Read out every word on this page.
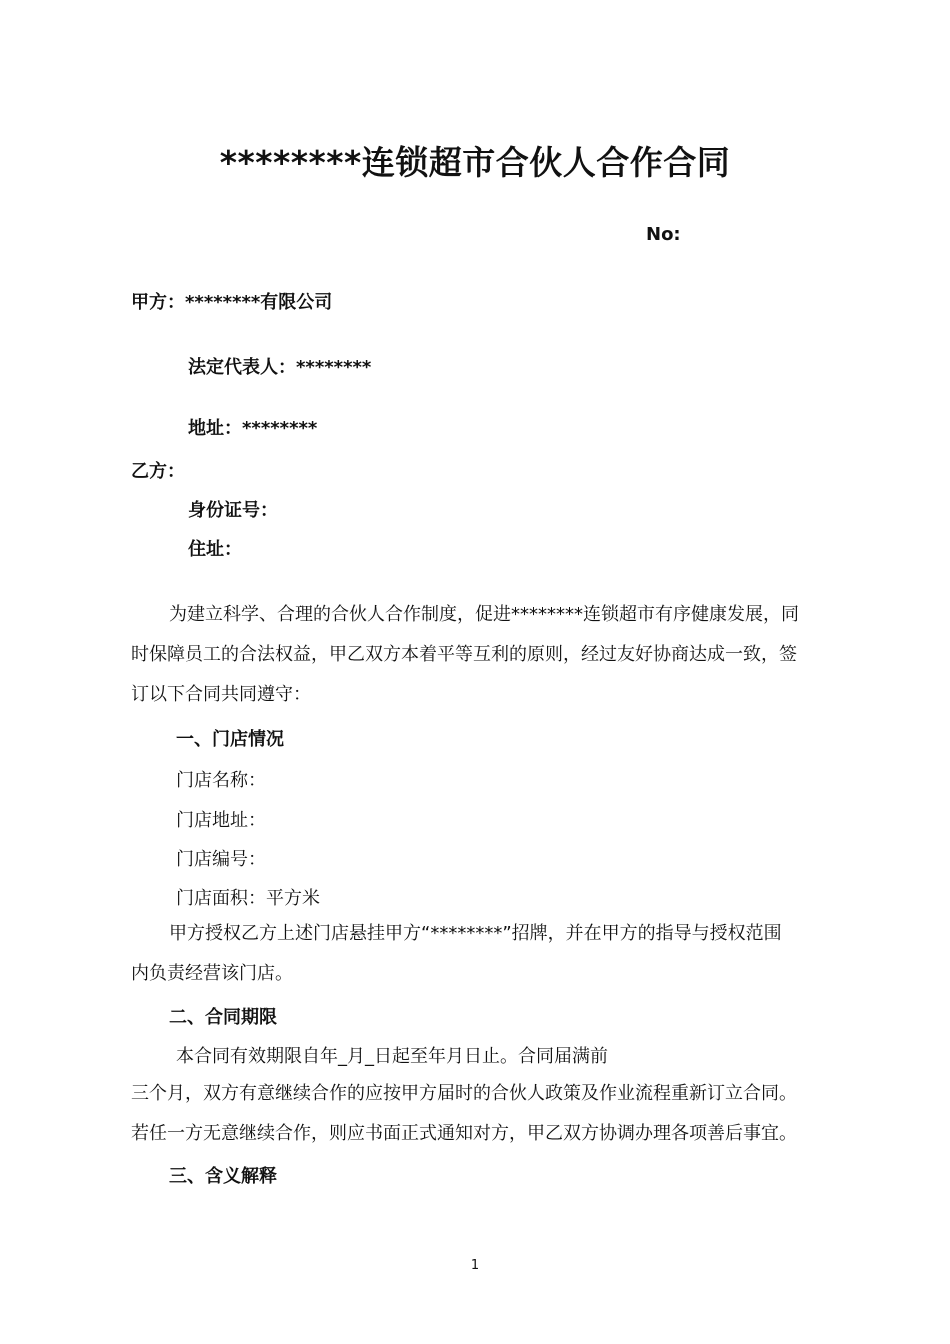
********连锁超市合伙人合作合同
No:
甲方：********有限公司
法定代表人：********
地址：********
乙方：
身份证号：
住址：
为建立科学、合理的合伙人合作制度，促进********连锁超市有序健康发展，同
时保障员工的合法权益，甲乙双方本着平等互利的原则，经过友好协商达成一致，签
订以下合同共同遵守：
一、门店情况
门店名称：
门店地址：
门店编号：
门店面积：平方米
甲方授权乙方上述门店悬挂甲方“********”招牌，并在甲方的指导与授权范围
内负责经营该门店。
二、合同期限
本合同有效期限自年_月_日起至年月日止。合同届满前
三个月，双方有意继续合作的应按甲方届时的合伙人政策及作业流程重新订立合同。
若任一方无意继续合作，则应书面正式通知对方，甲乙双方协调办理各项善后事宜。
三、含义解释
1
